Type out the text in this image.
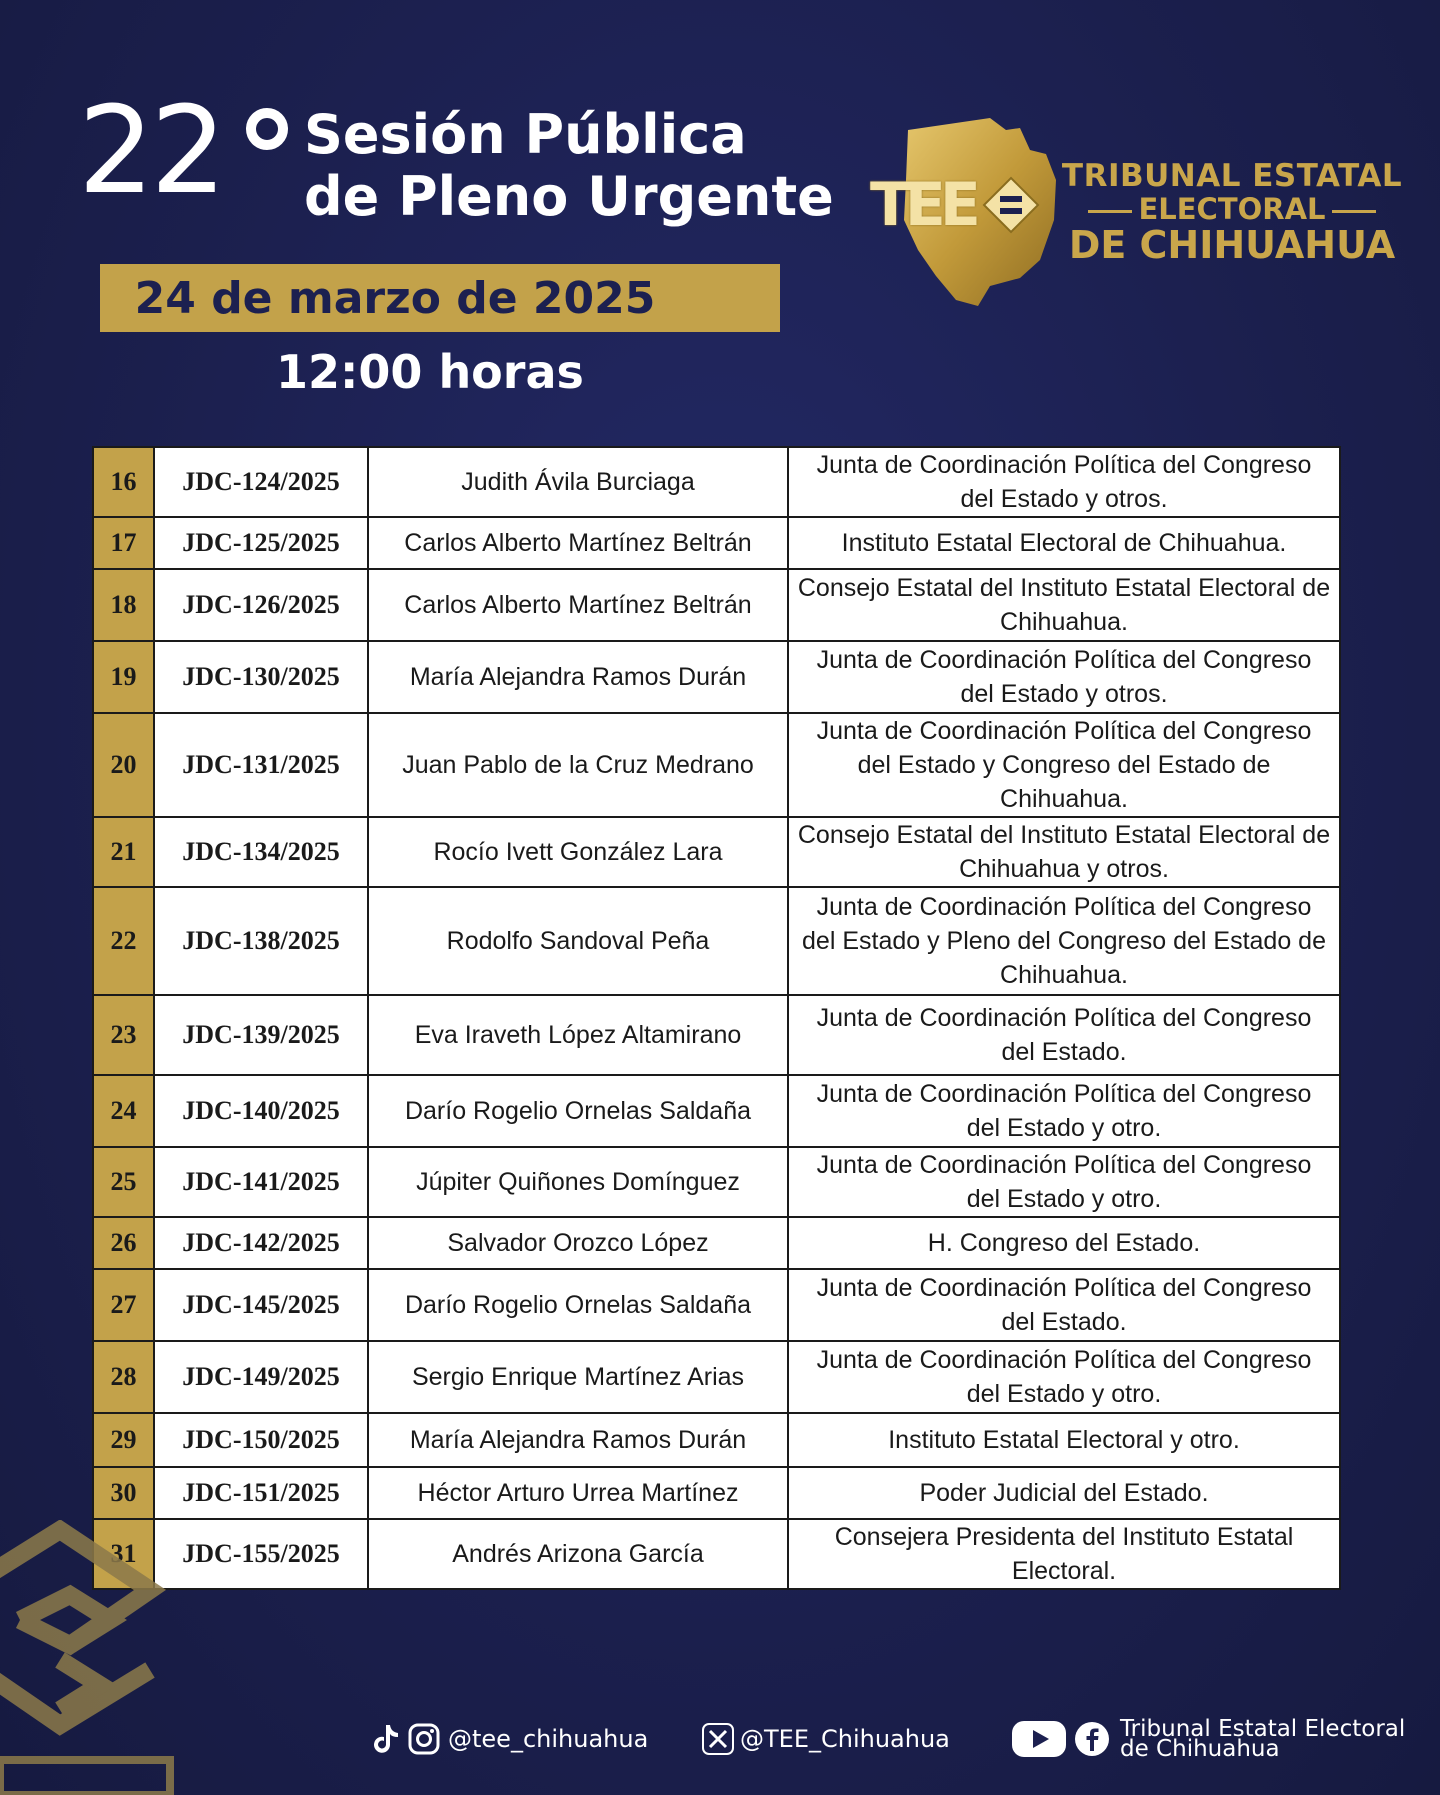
22 Sesión Pública
de Pleno Urgente
24 de marzo de 2025
12:00 horas
TEE	TRIBUNAL ESTATAL
ELECTORAL
DE CHIHUAHUA
16	JDC-124/2025	Judith Ávila Burciaga	Junta de Coordinación Política del Congreso del Estado y otros.
17	JDC-125/2025	Carlos Alberto Martínez Beltrán	Instituto Estatal Electoral de Chihuahua.
18	JDC-126/2025	Carlos Alberto Martínez Beltrán	Consejo Estatal del Instituto Estatal Electoral de Chihuahua.
19	JDC-130/2025	María Alejandra Ramos Durán	Junta de Coordinación Política del Congreso del Estado y otros.
20	JDC-131/2025	Juan Pablo de la Cruz Medrano	Junta de Coordinación Política del Congreso del Estado y Congreso del Estado de Chihuahua.
21	JDC-134/2025	Rocío Ivett González Lara	Consejo Estatal del Instituto Estatal Electoral de Chihuahua y otros.
22	JDC-138/2025	Rodolfo Sandoval Peña	Junta de Coordinación Política del Congreso del Estado y Pleno del Congreso del Estado de Chihuahua.
23	JDC-139/2025	Eva Iraveth López Altamirano	Junta de Coordinación Política del Congreso del Estado.
24	JDC-140/2025	Darío Rogelio Ornelas Saldaña	Junta de Coordinación Política del Congreso del Estado y otro.
25	JDC-141/2025	Júpiter Quiñones Domínguez	Junta de Coordinación Política del Congreso del Estado y otro.
26	JDC-142/2025	Salvador Orozco López	H. Congreso del Estado.
27	JDC-145/2025	Darío Rogelio Ornelas Saldaña	Junta de Coordinación Política del Congreso del Estado.
28	JDC-149/2025	Sergio Enrique Martínez Arias	Junta de Coordinación Política del Congreso del Estado y otro.
29	JDC-150/2025	María Alejandra Ramos Durán	Instituto Estatal Electoral y otro.
30	JDC-151/2025	Héctor Arturo Urrea Martínez	Poder Judicial del Estado.
31	JDC-155/2025	Andrés Arizona García	Consejera Presidenta del Instituto Estatal Electoral.
@tee_chihuahua	@TEE_Chihuahua	Tribunal Estatal Electoral
de Chihuahua
